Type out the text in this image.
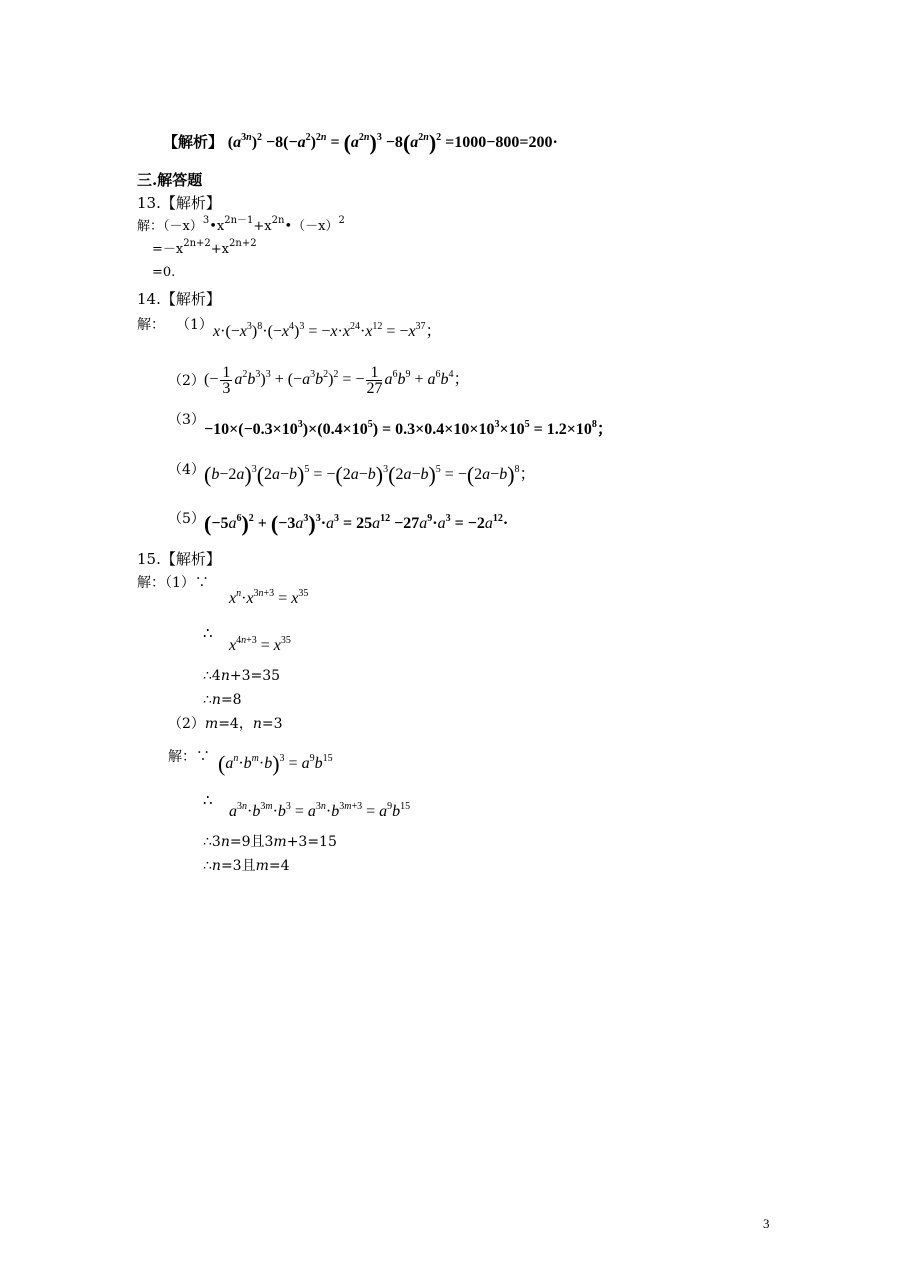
【解析】 $(a^{3n})^2 -8(-a^2)^{2n} = (a^{2n})^3 -8(a^{2n})^2 =1000-800=200\cdot$
三.解答题
13.【解析】
解：$(-x)^3•x^{2n-1}+x^{2n}•(-x)^2$
$=-x^{2n+2}+x^{2n+2}$
=0.
14.【解析】
解： （1） $x\cdot(-x^3)^8\cdot(-x^4)^3 = -x\cdot x^{24}\cdot x^{12} = -x^{37}$；
（2） (− $\frac{1}{3} a^2b^3)^3 + (-a^3b^2)^2$ = − $\frac{1}{27} a^6b^9 + a^6b^4$；
（3）
$-10\times(-0.3\times 10^3)\times(0.4\times 10^5) = 0.3\times 0.4\times 10\times 10^3\times 10^5 = 1.2\times 10^8$；
（4） $(b-2a)^3(2a-b)^5 = -(2a-b)^3(2a-b)^5 = -(2a-b)^8$；
（5） $(-5a^6)^2 + (-3a^3)^3\cdot a^3 = 25a^{12} -27a^9\cdot a^3 = -2a^{12}\cdot$
15.【解析】
解：（1）∵
$x^n\cdot x^{3n+3} = x^{35}$
∴
$x^{4n+3} = x^{35}$
∴4n+3=35
∴n=8
（2）m=4，n=3
解：∵ $(a^n\cdot b^m\cdot b)^3 = a^9b^{15}$
∴
$a^{3n}\cdot b^{3m}\cdot b^3 = a^{3n}\cdot b^{3m+3} = a^9b^{15}$
∴3n=9且3m+3=15
∴n=3且m=4
3
